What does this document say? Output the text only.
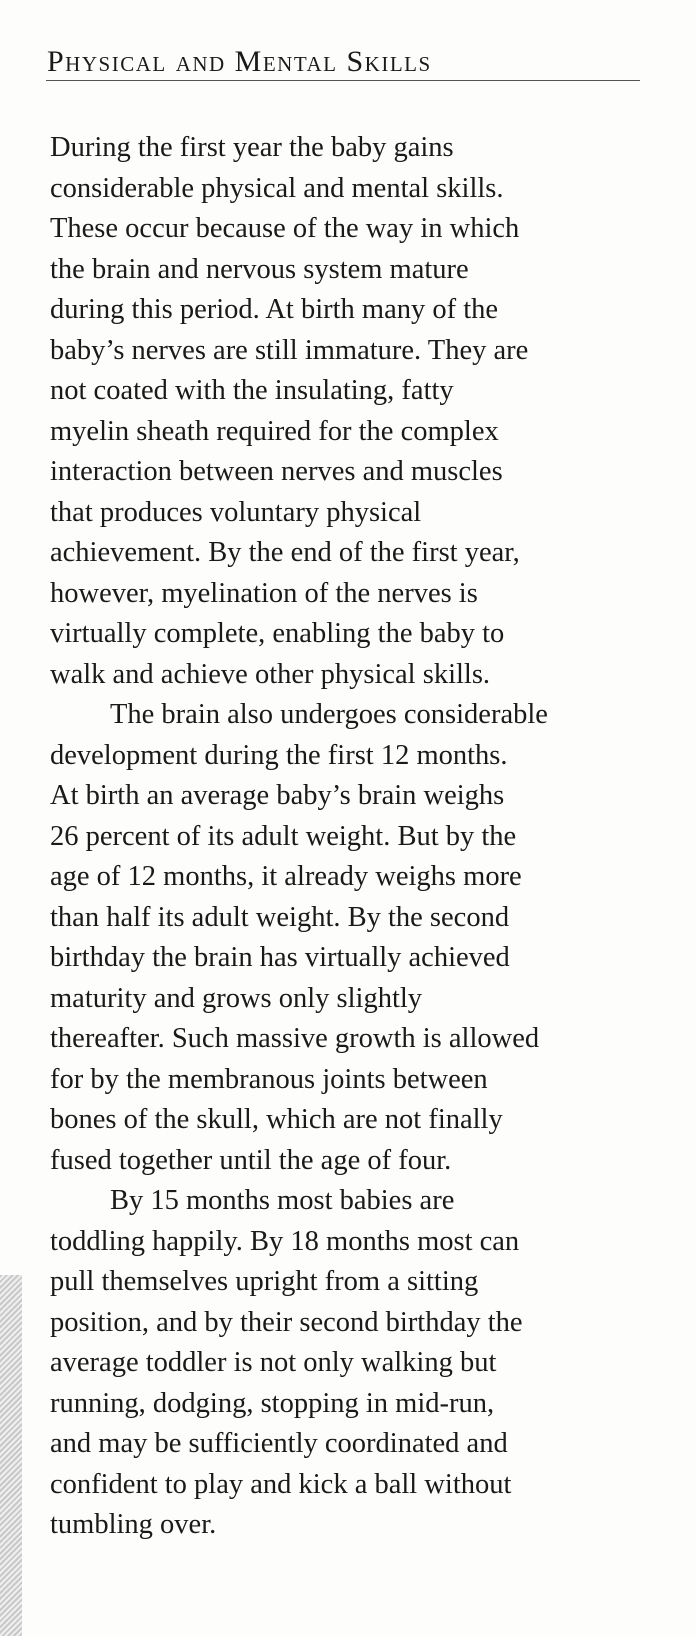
Physical and Mental Skills

During the first year the baby gains
considerable physical and mental skills.
These occur because of the way in which
the brain and nervous system mature
during this period. At birth many of the
baby’s nerves are still immature. They are
not coated with the insulating, fatty
myelin sheath required for the complex
interaction between nerves and muscles
that produces voluntary physical
achievement. By the end of the first year,
however, myelination of the nerves is
virtually complete, enabling the baby to
walk and achieve other physical skills.

The brain also undergoes considerable
development during the first 12 months.
At birth an average baby’s brain weighs
26 percent of its adult weight. But by the
age of 12 months, it already weighs more
than half its adult weight. By the second
birthday the brain has virtually achieved
maturity and grows only slightly
thereafter. Such massive growth is allowed
for by the membranous joints between
bones of the skull, which are not finally
fused together until the age of four.

By 15 months most babies are
toddling happily. By 18 months most can
pull themselves upright from a sitting
position, and by their second birthday the
average toddler is not only walking but
running, dodging, stopping in mid-run,
and may be sufficiently coordinated and
confident to play and kick a ball without
tumbling over.
